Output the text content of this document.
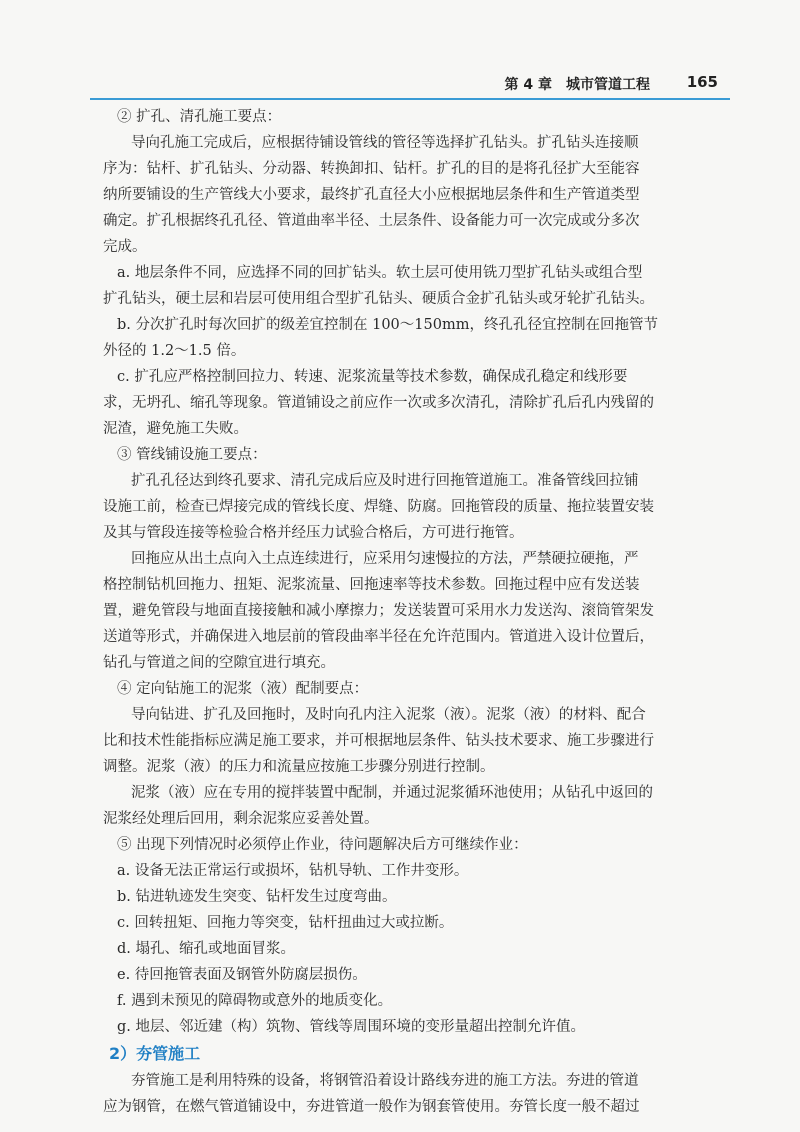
第 4 章　城市管道工程 165
② 扩孔、清孔施工要点：
导向孔施工完成后，应根据待铺设管线的管径等选择扩孔钻头。扩孔钻头连接顺
序为：钻杆、扩孔钻头、分动器、转换卸扣、钻杆。扩孔的目的是将孔径扩大至能容
纳所要铺设的生产管线大小要求，最终扩孔直径大小应根据地层条件和生产管道类型
确定。扩孔根据终孔孔径、管道曲率半径、土层条件、设备能力可一次完成或分多次
完成。
a. 地层条件不同，应选择不同的回扩钻头。软土层可使用铣刀型扩孔钻头或组合型
扩孔钻头，硬土层和岩层可使用组合型扩孔钻头、硬质合金扩孔钻头或牙轮扩孔钻头。
b. 分次扩孔时每次回扩的级差宜控制在 100～150mm，终孔孔径宜控制在回拖管节
外径的 1.2～1.5 倍。
c. 扩孔应严格控制回拉力、转速、泥浆流量等技术参数，确保成孔稳定和线形要
求，无坍孔、缩孔等现象。管道铺设之前应作一次或多次清孔，清除扩孔后孔内残留的
泥渣，避免施工失败。
③ 管线铺设施工要点：
扩孔孔径达到终孔要求、清孔完成后应及时进行回拖管道施工。准备管线回拉铺
设施工前，检查已焊接完成的管线长度、焊缝、防腐。回拖管段的质量、拖拉装置安装
及其与管段连接等检验合格并经压力试验合格后，方可进行拖管。
回拖应从出土点向入土点连续进行，应采用匀速慢拉的方法，严禁硬拉硬拖，严
格控制钻机回拖力、扭矩、泥浆流量、回拖速率等技术参数。回拖过程中应有发送装
置，避免管段与地面直接接触和减小摩擦力；发送装置可采用水力发送沟、滚筒管架发
送道等形式，并确保进入地层前的管段曲率半径在允许范围内。管道进入设计位置后，
钻孔与管道之间的空隙宜进行填充。
④ 定向钻施工的泥浆（液）配制要点：
导向钻进、扩孔及回拖时，及时向孔内注入泥浆（液）。泥浆（液）的材料、配合
比和技术性能指标应满足施工要求，并可根据地层条件、钻头技术要求、施工步骤进行
调整。泥浆（液）的压力和流量应按施工步骤分别进行控制。
泥浆（液）应在专用的搅拌装置中配制，并通过泥浆循环池使用；从钻孔中返回的
泥浆经处理后回用，剩余泥浆应妥善处置。
⑤ 出现下列情况时必须停止作业，待问题解决后方可继续作业：
a. 设备无法正常运行或损坏，钻机导轨、工作井变形。
b. 钻进轨迹发生突变、钻杆发生过度弯曲。
c. 回转扭矩、回拖力等突变，钻杆扭曲过大或拉断。
d. 塌孔、缩孔或地面冒浆。
e. 待回拖管表面及钢管外防腐层损伤。
f. 遇到未预见的障碍物或意外的地质变化。
g. 地层、邻近建（构）筑物、管线等周围环境的变形量超出控制允许值。
2）夯管施工
夯管施工是利用特殊的设备，将钢管沿着设计路线夯进的施工方法。夯进的管道
应为钢管，在燃气管道铺设中，夯进管道一般作为钢套管使用。夯管长度一般不超过
